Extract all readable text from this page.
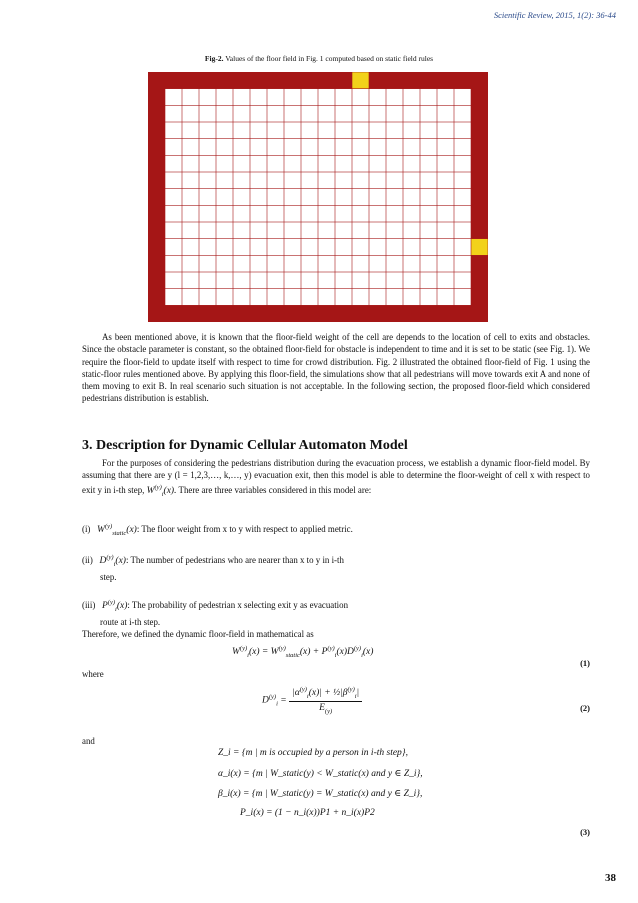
Scientific Review, 2015, 1(2): 36-44
Fig-2. Values of the floor field in Fig. 1 computed based on static field rules
As been mentioned above, it is known that the floor-field weight of the cell are depends to the location of cell to exits and obstacles. Since the obstacle parameter is constant, so the obtained floor-field for obstacle is independent to time and it is set to be static (see Fig. 1). We require the floor-field to update itself with respect to time for crowd distribution. Fig. 2 illustrated the obtained floor-field of Fig. 1 using the static-floor rules mentioned above. By applying this floor-field, the simulations show that all pedestrians will move towards exit A and none of them moving to exit B. In real scenario such situation is not acceptable. In the following section, the proposed floor-field which considered pedestrians distribution is establish.
3. Description for Dynamic Cellular Automaton Model
For the purposes of considering the pedestrians distribution during the evacuation process, we establish a dynamic floor-field model. By assuming that there are y (l = 1,2,3,…, k,…, y) evacuation exit, then this model is able to determine the floor-weight of cell x with respect to exit y in i-th step, $W^{(y)}_i(x)$. There are three variables considered in this model are:
(i) $W^{(y)}_{static}(x)$: The floor weight from x to y with respect to applied metric.
(ii) $D^{(y)}_i(x)$: The number of pedestrians who are nearer than x to y in i-th
step.
(iii) $P^{(y)}_i(x)$: The probability of pedestrian x selecting exit y as evacuation
route at i-th step.
Therefore, we defined the dynamic floor-field in mathematical as
$W^{(y)}_i(x) = W^{(y)}_{static}(x) + P^{(y)}_i(x)D^{(y)}_i(x)$
(1)
where
$D^{(y)}_i = \frac{|\alpha^{(y)}_i(x)| + \frac{1}{2}|\beta^{(y)}_i|}{E_{(y)}}$	(2)
and
Z_i = {m | m is occupied by a person in i-th step},
α_i(x) = {m | W_static(y) < W_static(x) and y ∈ Z_i},
β_i(x) = {m | W_static(y) = W_static(x) and y ∈ Z_i},
P_i(x) = (1 − n_i(x))P1 + n_i(x)P2
(3)
38
